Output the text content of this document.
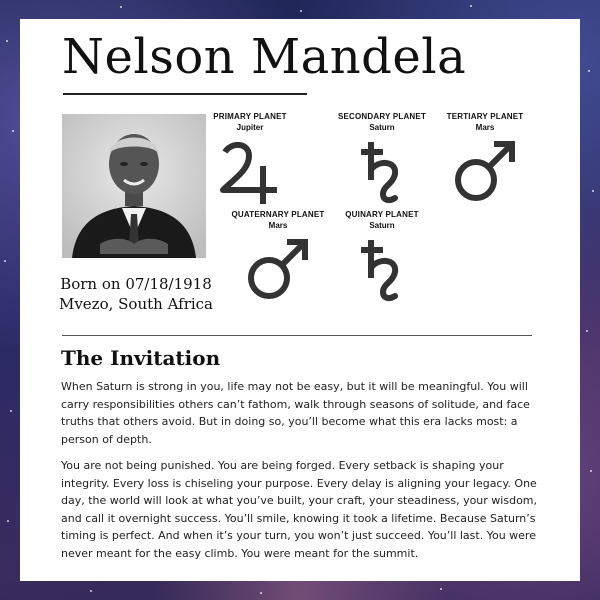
Nelson Mandela
Born on 07/18/1918
Mvezo, South Africa
PRIMARY PLANET
Jupiter
SECONDARY PLANET
Saturn
TERTIARY PLANET
Mars
QUATERNARY PLANET
Mars
QUINARY PLANET
Saturn
The Invitation

When Saturn is strong in you, life may not be easy, but it will be meaningful. You will carry responsibilities others can’t fathom, walk through seasons of solitude, and face truths that others avoid. But in doing so, you’ll become what this era lacks most: a person of depth.

You are not being punished. You are being forged. Every setback is shaping your integrity. Every loss is chiseling your purpose. Every delay is aligning your legacy. One day, the world will look at what you’ve built, your craft, your steadiness, your wisdom, and call it overnight success. You’ll smile, knowing it took a lifetime. Because Saturn’s timing is perfect. And when it’s your turn, you won’t just succeed. You’ll last. You were never meant for the easy climb. You were meant for the summit.
